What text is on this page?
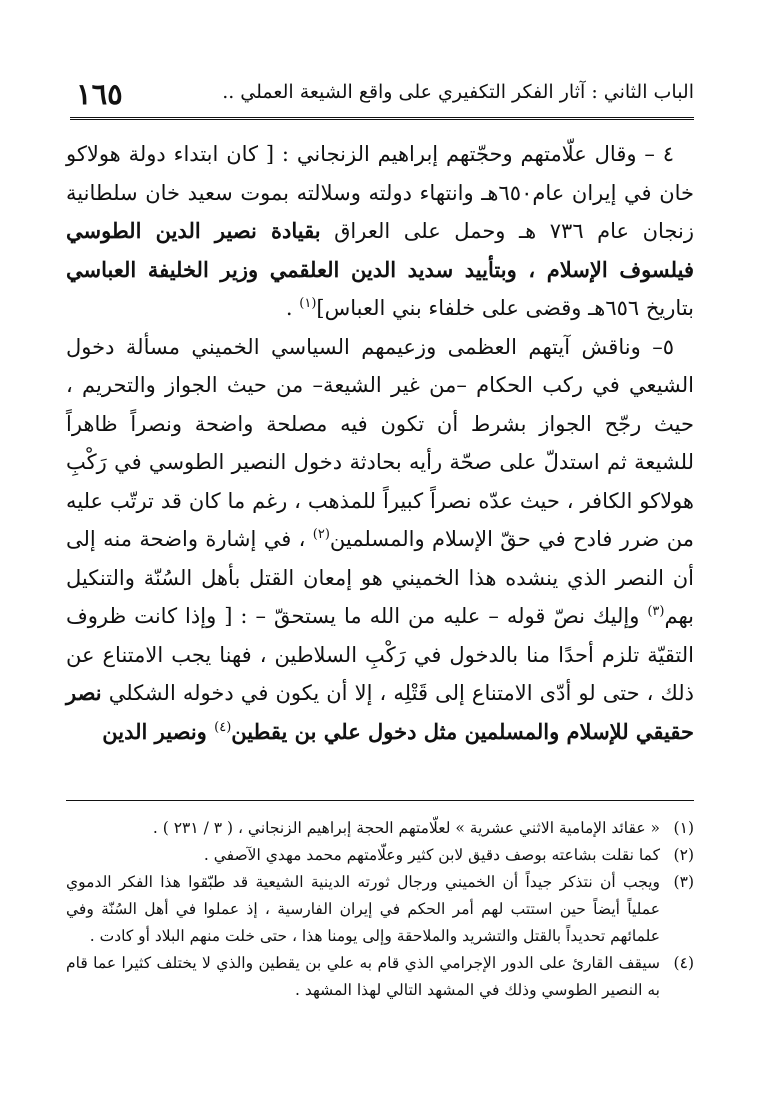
الباب الثاني : آثار الفكر التكفيري على واقع الشيعة العملي ..
١٦٥

٤ – وقال علّامتهم وحجّتهم إبراهيم الزنجاني : [ كان ابتداء دولة هولاكو خان في إيران عام٦٥٠هـ وانتهاء دولته وسلالته بموت سعيد خان سلطانية زنجان عام ٧٣٦ هـ وحمل على العراق بقيادة نصير الدين الطوسي فيلسوف الإسلام ، وبتأييد سديد الدين العلقمي وزير الخليفة العباسي بتاريخ ٦٥٦هـ وقضى على خلفاء بني العباس]$^{(١)}$ .

٥– وناقش آيتهم العظمى وزعيمهم السياسي الخميني مسألة دخول الشيعي في ركب الحكام –من غير الشيعة– من حيث الجواز والتحريم ، حيث رجّح الجواز بشرط أن تكون فيه مصلحة واضحة ونصراً ظاهراً للشيعة ثم استدلّ على صحّة رأيه بحادثة دخول النصير الطوسي في رَكْبِ هولاكو الكافر ، حيث عدّه نصراً كبيراً للمذهب ، رغم ما كان قد ترتّب عليه من ضرر فادح في حقّ الإسلام والمسلمين$^{(٢)}$ ، في إشارة واضحة منه إلى أن النصر الذي ينشده هذا الخميني هو إمعان القتل بأهل السُنّة والتنكيل بهم$^{(٣)}$ وإليك نصّ قوله – عليه من الله ما يستحقّ – : [ وإذا كانت ظروف التقيّة تلزم أحدًا منا بالدخول في رَكْبِ السلاطين ، فهنا يجب الامتناع عن ذلك ، حتى لو أدّى الامتناع إلى قَتْلِه ، إلا أن يكون في دخوله الشكلي نصر حقيقي للإسلام والمسلمين مثل دخول علي بن يقطين$^{(٤)}$ ونصير الدين

(١)
« عقائد الإمامية الاثني عشرية » لعلّامتهم الحجة إبراهيم الزنجاني ، ( ٣ / ٢٣١ ) .
(٢)
كما نقلت بشاعته بوصف دقيق لابن كثير وعلّامتهم محمد مهدي الآصفي .
(٣)
ويجب أن نتذكر جيداً أن الخميني ورجال ثورته الدينية الشيعية قد طبّقوا هذا الفكر الدموي عملياً أيضاً حين استتب لهم أمر الحكم في إيران الفارسية ، إذ عملوا في أهل السُنّة وفي علمائهم تحديداً بالقتل والتشريد والملاحقة وإلى يومنا هذا ، حتى خلت منهم البلاد أو كادت .
(٤)
سيقف القارئ على الدور الإجرامي الذي قام به علي بن يقطين والذي لا يختلف كثيرا عما قام به النصير الطوسي وذلك في المشهد التالي لهذا المشهد .
